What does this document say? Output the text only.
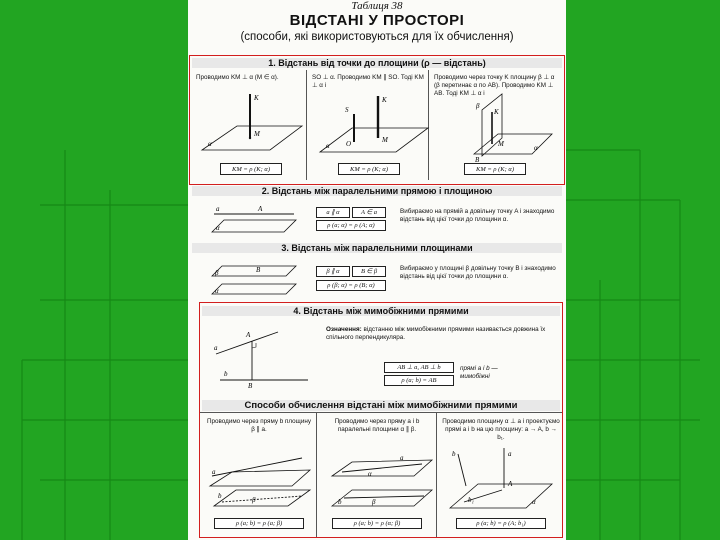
Таблиця 38
ВІДСТАНІ У ПРОСТОРІ
(способи, які використовуються для їх обчислення)
1. Відстань від точки до площини (ρ — відстань)
Проводимо KM ⊥ α (M ∈ α).	SO ⊥ α. Проводимо KM ∥ SO. Тоді KM ⊥ α і
Проводимо через точку K площину β ⊥ α (β перетинає α по AB). Проводимо KM ⊥ AB. Тоді KM ⊥ α і
K
M
α
S
K
O	M
α
K
M
B
β
α
KM = ρ (K; α)	KM = ρ (K; α)	KM = ρ (K; α)
2. Відстань між паралельними прямою і площиною
a	A
α
a ∥ α	A ∈ a
ρ (a; α) = ρ (A; α)
Вибираємо на прямій a довільну точку A і знаходимо відстань від цієї точки до площини α.
3. Відстань між паралельними площинами
β	B
α
β ∥ α	B ∈ β
ρ (β; α) = ρ (B; α)
Вибираємо у площині β довільну точку B і знаходимо відстань від цієї точки до площини α.
4. Відстань між мимобіжними прямими
a
A
b
B
Означення: відстанню між мимобіжними прямими називається довжина їх спільного перпендикуляра.
AB ⊥ a, AB ⊥ b
ρ (a; b) = AB
прямі a і b — мимобіжні
Способи обчислення відстані між мимобіжними прямими
Проводимо через пряму b площину β ∥ a.
Проводимо через пряму a і b паралельні площини α ∥ β.
Проводимо площину α ⊥ a і проектуємо прямі a і b на цю площину: a → A, b → b₁.
a
b	β
a
b
α
β
b	a
A
b₁	α
ρ (a; b) = ρ (a; β)	ρ (a; b) = ρ (α; β)	ρ (a; b) = ρ (A; b₁)
